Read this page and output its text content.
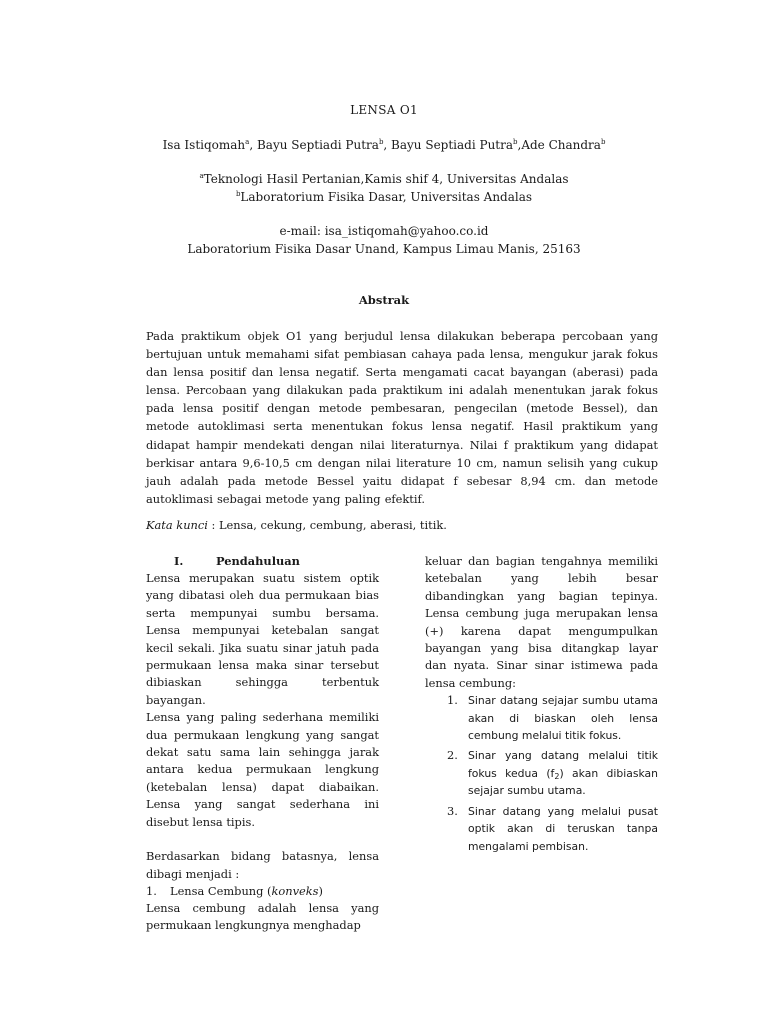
LENSA O1
Isa Istiqomah$^a$, Bayu Septiadi Putra$^b$, Bayu Septiadi Putra$^b$,Ade Chandra$^b$
$^a$Teknologi Hasil Pertanian,Kamis shif 4, Universitas Andalas
$^b$Laboratorium Fisika Dasar, Universitas Andalas
e-mail: isa_istiqomah@yahoo.co.id
Laboratorium Fisika Dasar Unand, Kampus Limau Manis, 25163
Abstrak
Pada praktikum objek O1 yang berjudul lensa dilakukan beberapa percobaan yang bertujuan untuk memahami sifat pembiasan cahaya pada lensa, mengukur jarak fokus dan lensa positif dan lensa negatif. Serta mengamati cacat bayangan (aberasi) pada lensa. Percobaan yang dilakukan pada praktikum ini adalah menentukan jarak fokus pada lensa positif dengan metode pembesaran, pengecilan (metode Bessel), dan metode autoklimasi serta menentukan fokus lensa negatif. Hasil praktikum yang didapat hampir mendekati dengan nilai literaturnya. Nilai f praktikum yang didapat berkisar antara 9,6-10,5 cm dengan nilai literature 10 cm, namun selisih yang cukup jauh adalah pada metode Bessel yaitu didapat f sebesar 8,94 cm. dan metode autoklimasi sebagai metode yang paling efektif.
Kata kunci : Lensa, cekung, cembung, aberasi, titik.
I.	Pendahuluan

Lensa merupakan suatu sistem optik yang dibatasi oleh dua permukaan bias serta mempunyai sumbu bersama. Lensa mempunyai ketebalan sangat kecil sekali. Jika suatu sinar jatuh pada permukaan lensa maka sinar tersebut dibiaskan sehingga terbentuk bayangan.

Lensa yang paling sederhana memiliki dua permukaan lengkung yang sangat dekat satu sama lain sehingga jarak antara kedua permukaan lengkung (ketebalan lensa) dapat diabaikan. Lensa yang sangat sederhana ini disebut lensa tipis.

Berdasarkan bidang batasnya, lensa dibagi menjadi :

1. Lensa Cembung (konveks)

Lensa cembung adalah lensa yang permukaan lengkungnya menghadap

keluar dan bagian tengahnya memiliki ketebalan yang lebih besar dibandingkan yang bagian tepinya. Lensa cembung juga merupakan lensa (+) karena dapat mengumpulkan bayangan yang bisa ditangkap layar dan nyata. Sinar sinar istimewa pada lensa cembung:

1. Sinar datang sejajar sumbu utama akan di biaskan oleh lensa cembung melalui titik fokus.
2. Sinar yang datang melalui titik fokus kedua $(f_2)$ akan dibiaskan sejajar sumbu utama.
3. Sinar datang yang melalui pusat optik akan di teruskan tanpa mengalami pembisan.
